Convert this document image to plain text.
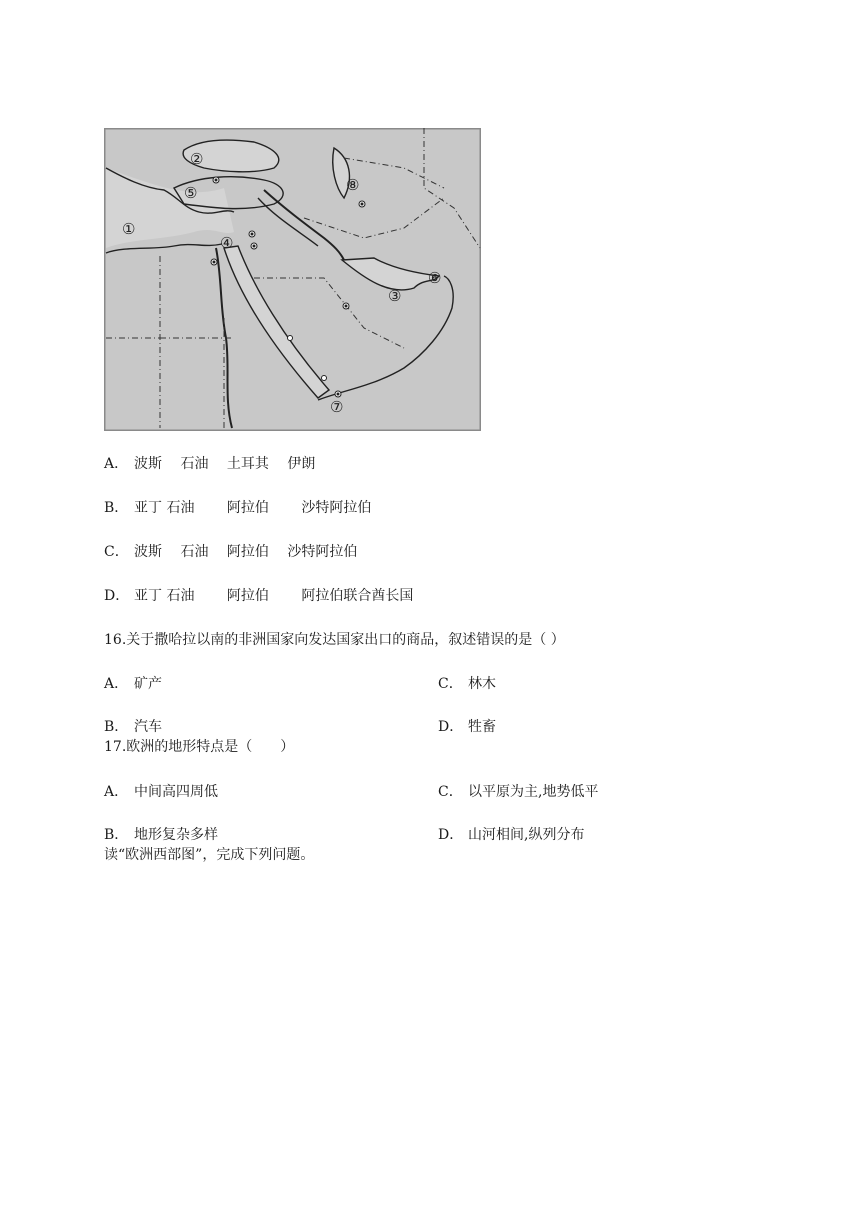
①
②
③
④
⑤
⑥
⑦
⑧
A． 波斯　 石油　 土耳其　 伊朗
B． 亚丁 石油　　 阿拉伯　　 沙特阿拉伯
C． 波斯　 石油　 阿拉伯　 沙特阿拉伯
D． 亚丁 石油　　 阿拉伯　　 阿拉伯联合酋长国
16.关于撒哈拉以南的非洲国家向发达国家出口的商品，叙述错误的是（ ）
A． 矿产	C． 林木
B． 汽车	D． 牲畜
17.欧洲的地形特点是（　　）
A． 中间高四周低	C． 以平原为主,地势低平
B． 地形复杂多样	D． 山河相间,纵列分布
读“欧洲西部图”，完成下列问题。
